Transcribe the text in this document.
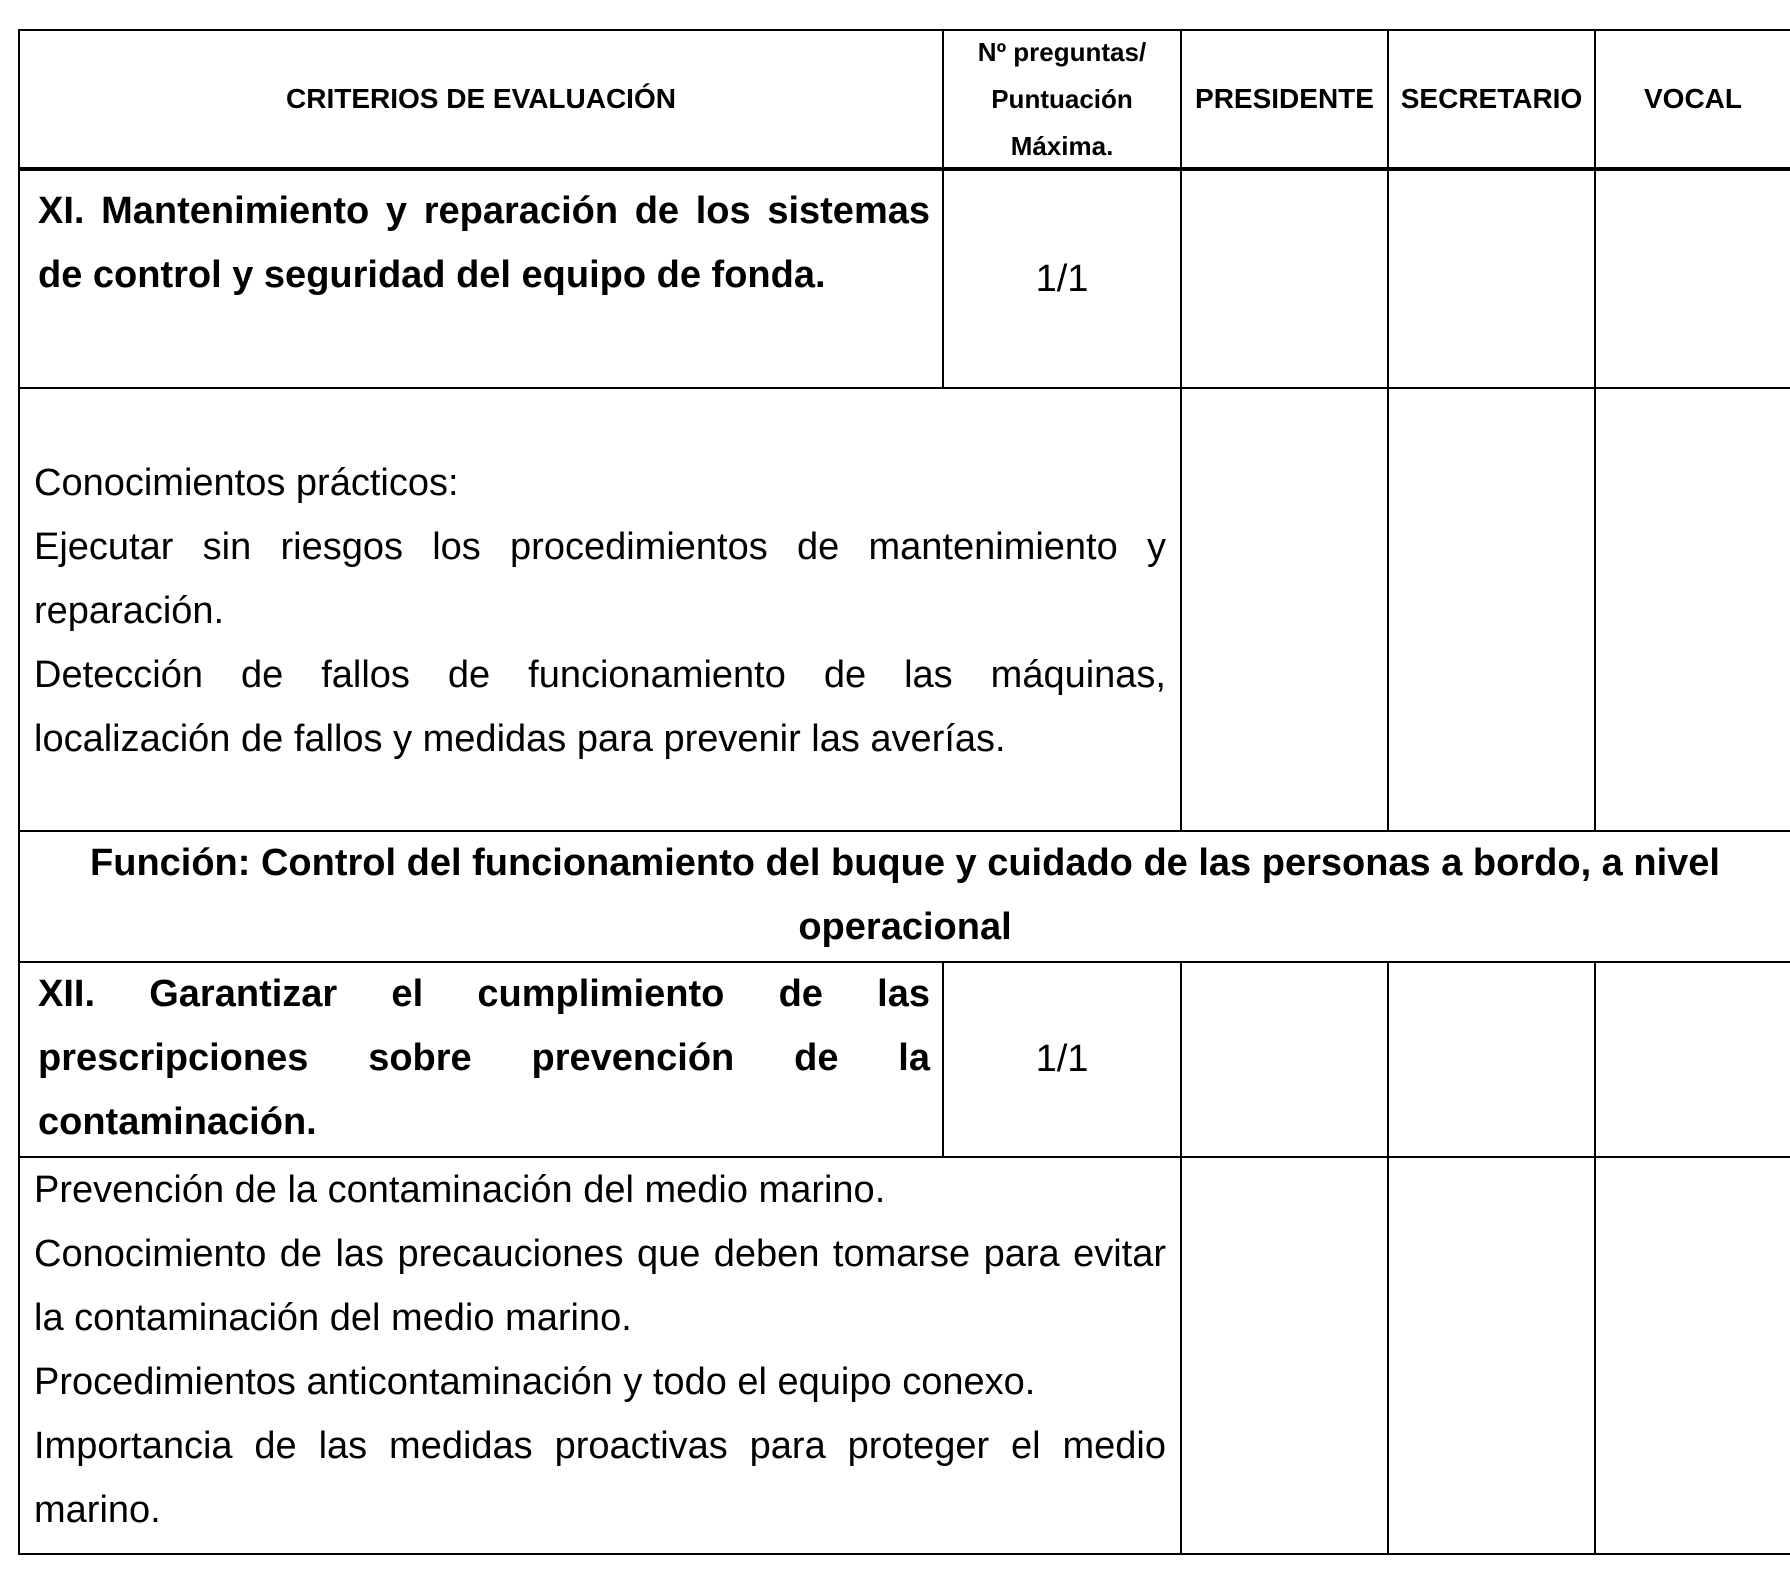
CRITERIOS DE EVALUACIÓN
Nº preguntas/
Puntuación
Máxima.
PRESIDENTE SECRETARIO VOCAL
XI. Mantenimiento y reparación de los sistemas de control y seguridad del equipo de fonda.	1/1

Conocimientos prácticos:

Ejecutar sin riesgos los procedimientos de mantenimiento y reparación.

Detección de fallos de funcionamiento de las máquinas, localización de fallos y medidas para prevenir las averías.

Función: Control del funcionamiento del buque y cuidado de las personas a bordo, a nivel operacional
XII. Garantizar el cumplimiento de las prescripciones sobre prevención de la contaminación.
1/1

Prevención de la contaminación del medio marino.

Conocimiento de las precauciones que deben tomarse para evitar la contaminación del medio marino.

Procedimientos anticontaminación y todo el equipo conexo.

Importancia de las medidas proactivas para proteger el medio marino.
